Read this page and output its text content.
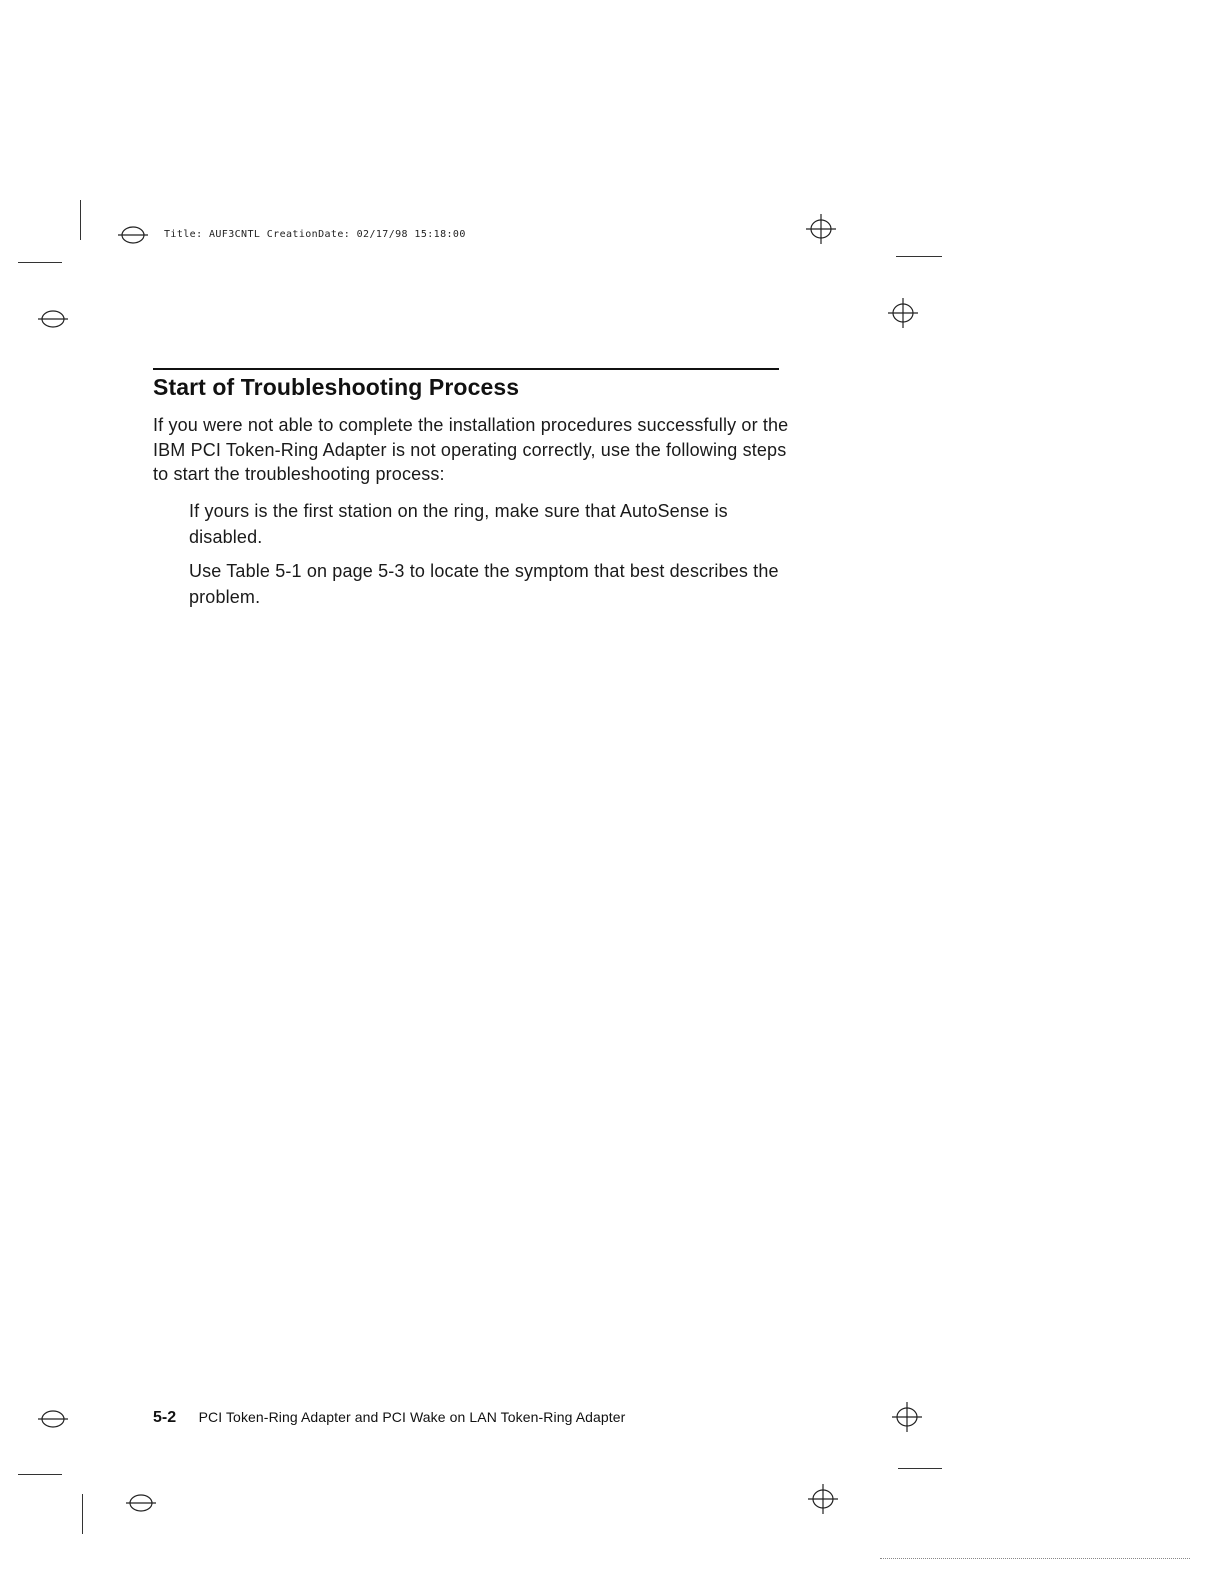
Title: AUF3CNTL CreationDate: 02/17/98 15:18:00
Start of Troubleshooting Process

If you were not able to complete the installation procedures successfully or the IBM PCI Token-Ring Adapter is not operating correctly, use the following steps to start the troubleshooting process:

If yours is the first station on the ring, make sure that AutoSense is disabled.
Use Table 5-1 on page 5-3 to locate the symptom that best describes the problem.
5-2 PCI Token-Ring Adapter and PCI Wake on LAN Token-Ring Adapter
